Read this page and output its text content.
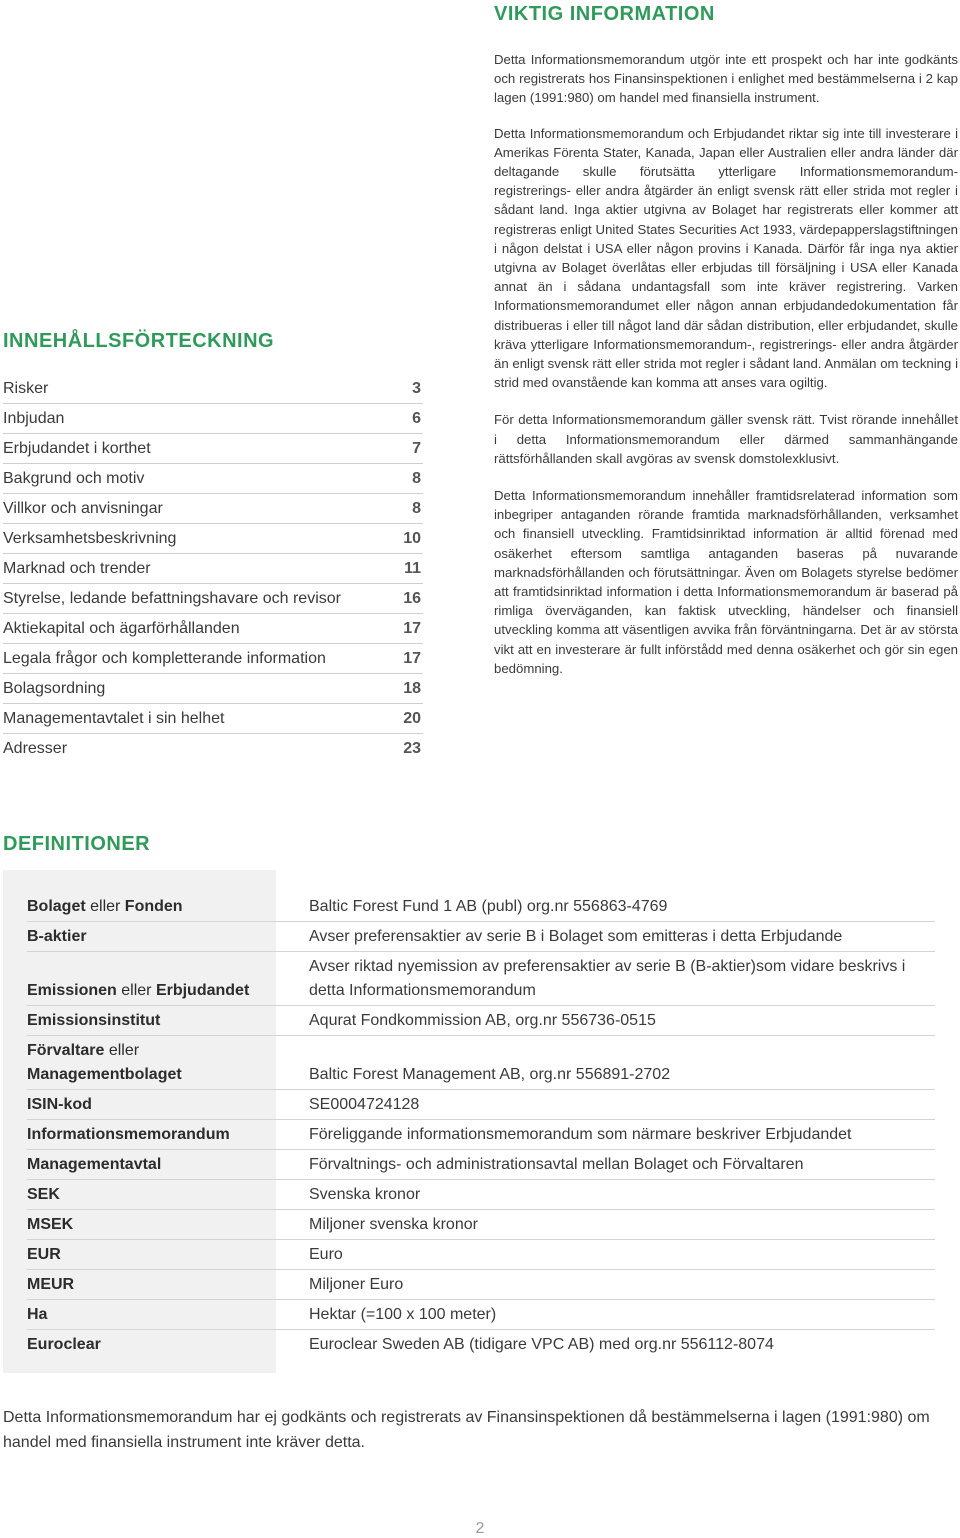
VIKTIG INFORMATION

Detta Informationsmemorandum utgör inte ett prospekt och har inte godkänts och registrerats hos Finansinspektionen i enlighet med bestämmelserna i 2 kap lagen (1991:980) om handel med finansiella instrument.

Detta Informationsmemorandum och Erbjudandet riktar sig inte till investerare i Amerikas Förenta Stater, Kanada, Japan eller Australien eller andra länder där deltagande skulle förutsätta ytterligare Informationsmemorandum- registrerings- eller andra åtgärder än enligt svensk rätt eller strida mot regler i sådant land. Inga aktier utgivna av Bolaget har registrerats eller kommer att registreras enligt United States Securities Act 1933, värdepapperslagstiftningen i någon delstat i USA eller någon provins i Kanada. Därför får inga nya aktier utgivna av Bolaget överlåtas eller erbjudas till försäljning i USA eller Kanada annat än i sådana undantagsfall som inte kräver registrering. Varken Informationsmemorandumet eller någon annan erbjudandedokumentation får distribueras i eller till något land där sådan distribution, eller erbjudandet, skulle kräva ytterligare Informationsmemorandum-, registrerings- eller andra åtgärder än enligt svensk rätt eller strida mot regler i sådant land. Anmälan om teckning i strid med ovanstående kan komma att anses vara ogiltig.

För detta Informationsmemorandum gäller svensk rätt. Tvist rörande innehållet i detta Informationsmemorandum eller därmed sammanhängande rättsförhållanden skall avgöras av svensk domstolexklusivt.

Detta Informationsmemorandum innehåller framtidsrelaterad information som inbegriper antaganden rörande framtida marknadsförhållanden, verksamhet och finansiell utveckling. Framtidsinriktad information är alltid förenad med osäkerhet eftersom samtliga antaganden baseras på nuvarande marknadsförhållanden och förutsättningar. Även om Bolagets styrelse bedömer att framtidsinriktad information i detta Informationsmemorandum är baserad på rimliga överväganden, kan faktisk utveckling, händelser och finansiell utveckling komma att väsentligen avvika från förväntningarna. Det är av största vikt att en investerare är fullt införstådd med denna osäkerhet och gör sin egen bedömning.

INNEHÅLLSFÖRTECKNING
Risker	3
Inbjudan	6
Erbjudandet i korthet	7
Bakgrund och motiv	8
Villkor och anvisningar	8
Verksamhetsbeskrivning	10
Marknad och trender	11
Styrelse, ledande befattningshavare och revisor	16
Aktiekapital och ägarförhållanden	17
Legala frågor och kompletterande information	17
Bolagsordning	18
Managementavtalet i sin helhet	20
Adresser	23
DEFINITIONER
Bolaget eller Fonden	Baltic Forest Fund 1 AB (publ) org.nr 556863-4769
B-aktier	Avser preferensaktier av serie B i Bolaget som emitteras i detta Erbjudande
Emissionen eller Erbjudandet	Avser riktad nyemission av preferensaktier av serie B (B-aktier)som vidare beskrivs i detta Informationsmemorandum
Emissionsinstitut	Aqurat Fondkommission AB, org.nr 556736-0515
Förvaltare eller
Managementbolaget	Baltic Forest Management AB, org.nr 556891-2702
ISIN-kod	SE0004724128
Informationsmemorandum	Föreliggande informationsmemorandum som närmare beskriver Erbjudandet
Managementavtal	Förvaltnings- och administrationsavtal mellan Bolaget och Förvaltaren
SEK	Svenska kronor
MSEK	Miljoner svenska kronor
EUR	Euro
MEUR	Miljoner Euro
Ha	Hektar (=100 x 100 meter)
Euroclear	Euroclear Sweden AB (tidigare VPC AB) med org.nr 556112-8074

Detta Informationsmemorandum har ej godkänts och registrerats av Finansinspektionen då bestämmelserna i lagen (1991:980) om handel med finansiella instrument inte kräver detta.

2
